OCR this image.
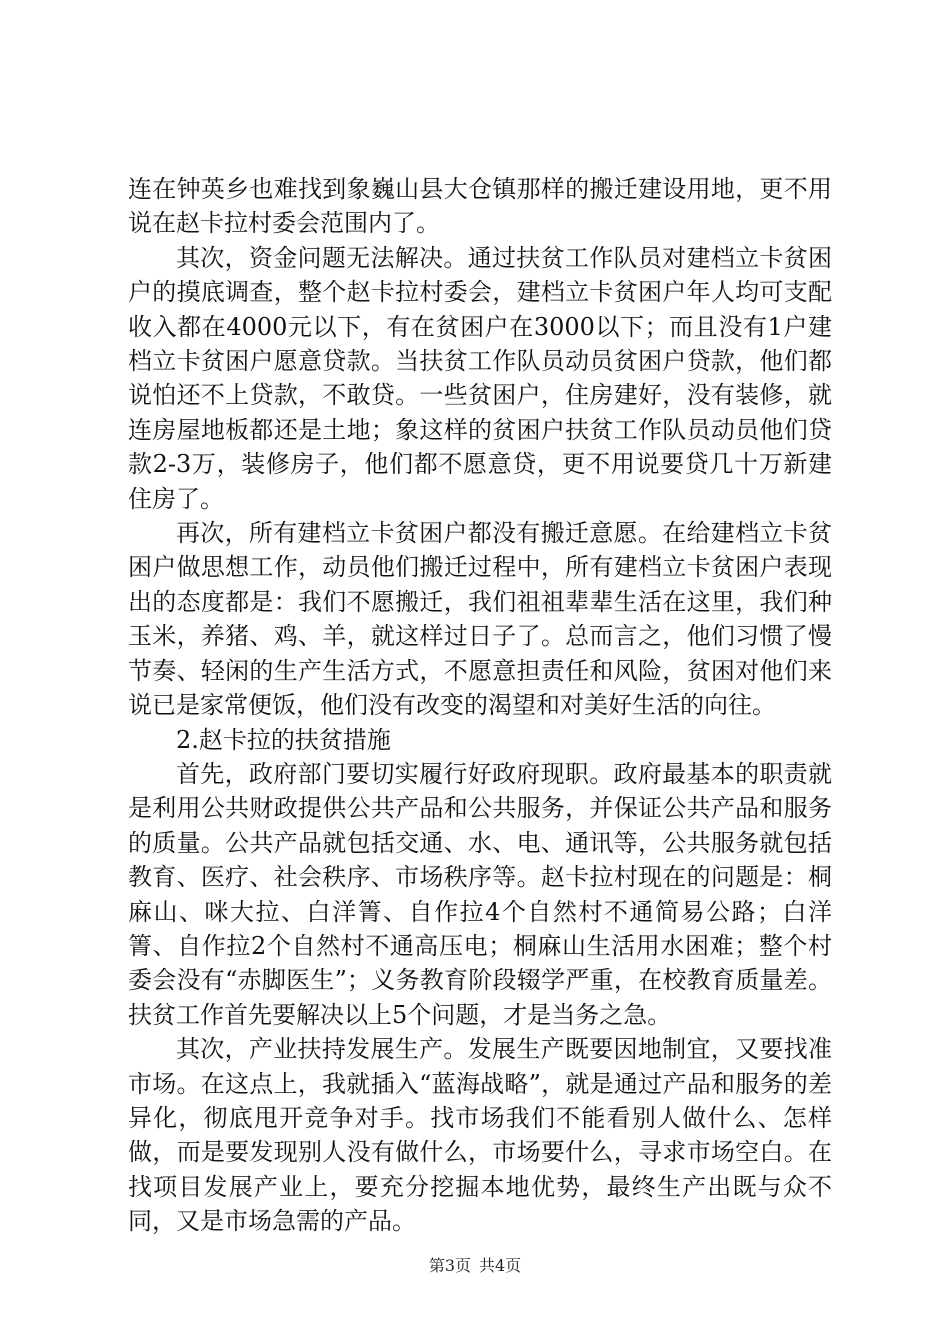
连在钟英乡也难找到象巍山县大仓镇那样的搬迁建设用地，更不用说在赵卡拉村委会范围内了。

其次，资金问题无法解决。通过扶贫工作队员对建档立卡贫困户的摸底调查，整个赵卡拉村委会，建档立卡贫困户年人均可支配收入都在4000元以下，有在贫困户在3000以下；而且没有1户建档立卡贫困户愿意贷款。当扶贫工作队员动员贫困户贷款，他们都说怕还不上贷款，不敢贷。一些贫困户，住房建好，没有装修，就连房屋地板都还是土地；象这样的贫困户扶贫工作队员动员他们贷款2-3万，装修房子，他们都不愿意贷，更不用说要贷几十万新建住房了。

再次，所有建档立卡贫困户都没有搬迁意愿。在给建档立卡贫困户做思想工作，动员他们搬迁过程中，所有建档立卡贫困户表现出的态度都是：我们不愿搬迁，我们祖祖辈辈生活在这里，我们种玉米，养猪、鸡、羊，就这样过日子了。总而言之，他们习惯了慢节奏、轻闲的生产生活方式，不愿意担责任和风险，贫困对他们来说已是家常便饭，他们没有改变的渴望和对美好生活的向往。

2.赵卡拉的扶贫措施

首先，政府部门要切实履行好政府现职。政府最基本的职责就是利用公共财政提供公共产品和公共服务，并保证公共产品和服务的质量。公共产品就包括交通、水、电、通讯等，公共服务就包括教育、医疗、社会秩序、市场秩序等。赵卡拉村现在的问题是：桐麻山、咪大拉、白洋箐、自作拉4个自然村不通简易公路；白洋箐、自作拉2个自然村不通高压电；桐麻山生活用水困难；整个村委会没有“赤脚医生”；义务教育阶段辍学严重，在校教育质量差。扶贫工作首先要解决以上5个问题，才是当务之急。

其次，产业扶持发展生产。发展生产既要因地制宜，又要找准市场。在这点上，我就插入“蓝海战略”，就是通过产品和服务的差异化，彻底甩开竞争对手。找市场我们不能看别人做什么、怎样做，而是要发现别人没有做什么，市场要什么，寻求市场空白。在找项目发展产业上，要充分挖掘本地优势，最终生产出既与众不同，又是市场急需的产品。

第3页 共4页
